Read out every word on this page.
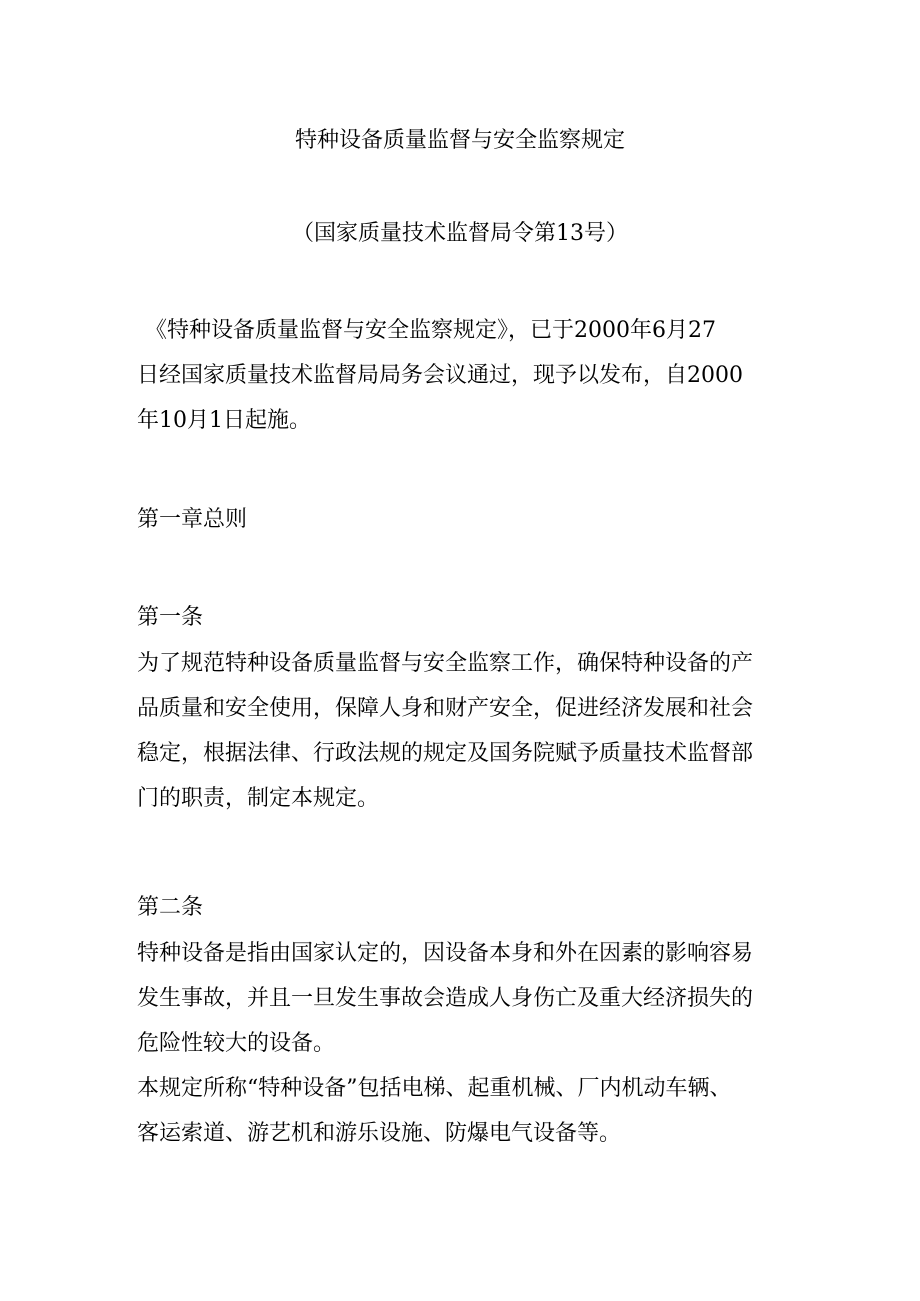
特种设备质量监督与安全监察规定
（国家质量技术监督局令第13号）
《特种设备质量监督与安全监察规定》，已于2000年6月27
日经国家质量技术监督局局务会议通过，现予以发布，自2000
年10月1日起施。
第一章总则
第一条
为了规范特种设备质量监督与安全监察工作，确保特种设备的产
品质量和安全使用，保障人身和财产安全，促进经济发展和社会
稳定，根据法律、行政法规的规定及国务院赋予质量技术监督部
门的职责，制定本规定。
第二条
特种设备是指由国家认定的，因设备本身和外在因素的影响容易
发生事故，并且一旦发生事故会造成人身伤亡及重大经济损失的
危险性较大的设备。
本规定所称“特种设备”包括电梯、起重机械、厂内机动车辆、
客运索道、游艺机和游乐设施、防爆电气设备等。
